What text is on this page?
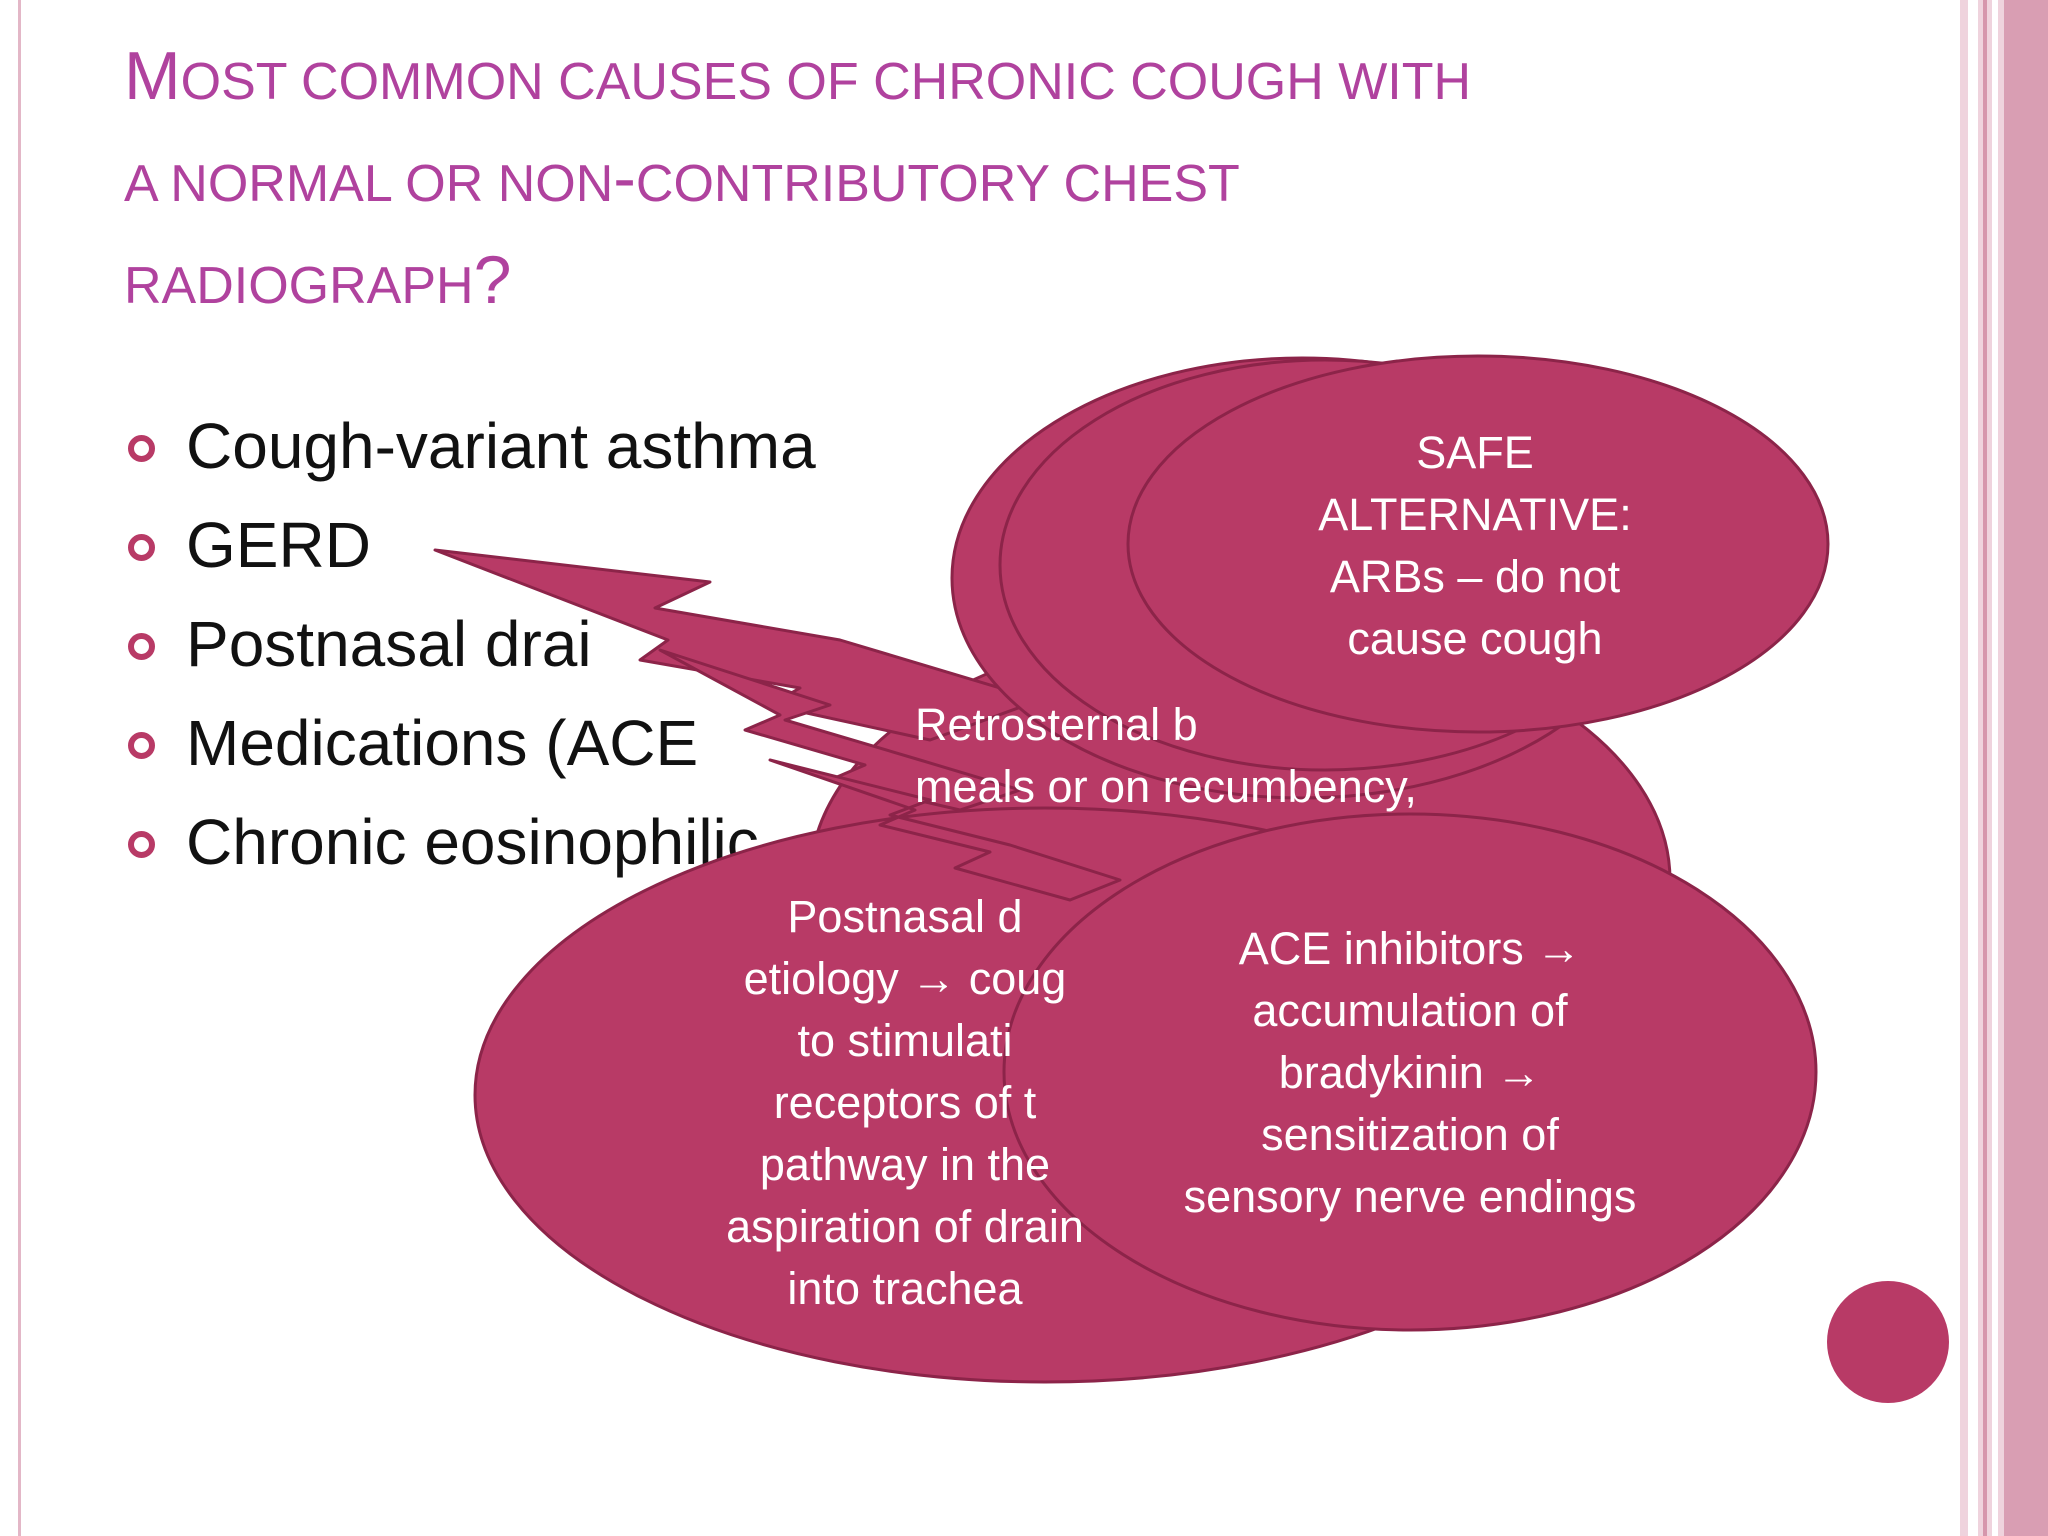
MOST COMMON CAUSES OF CHRONIC COUGH WITH
A NORMAL OR NON-CONTRIBUTORY CHEST
RADIOGRAPH?
Cough-variant asthma
GERD
Postnasal drai
Medications (ACE
Chronic eosinophilic
SAFE
ALTERNATIVE:
ARBs – do not
cause cough
Retrosternal b
meals or on recumbency,
Postnasal d
etiology → coug
to stimulati
receptors of t
pathway in the
aspiration of drain
into trachea
ACE inhibitors →
accumulation of
bradykinin →
sensitization of
sensory nerve endings
